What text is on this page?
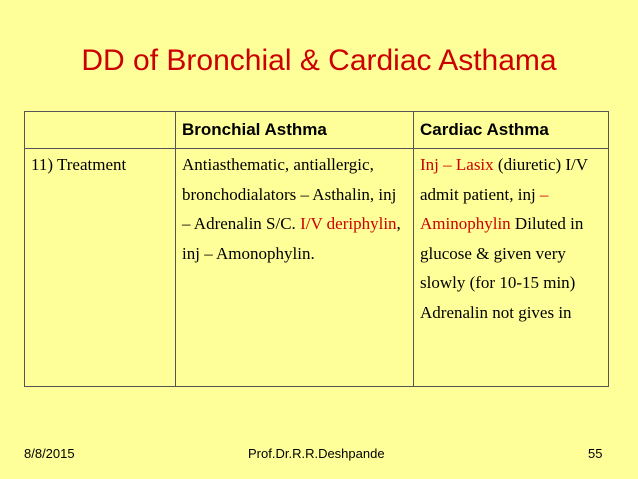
DD of Bronchial & Cardiac Asthama
	Bronchial Asthma	Cardiac Asthma
11) Treatment	Antiasthematic, antiallergic, bronchodialators – Asthalin, inj – Adrenalin S/C. I/V deriphylin, inj – Amonophylin.	Inj – Lasix (diuretic) I/V admit patient, inj – Aminophylin Diluted in glucose & given very slowly (for 10-15 min) Adrenalin not gives in
8/8/2015	Prof.Dr.R.R.Deshpande	55
